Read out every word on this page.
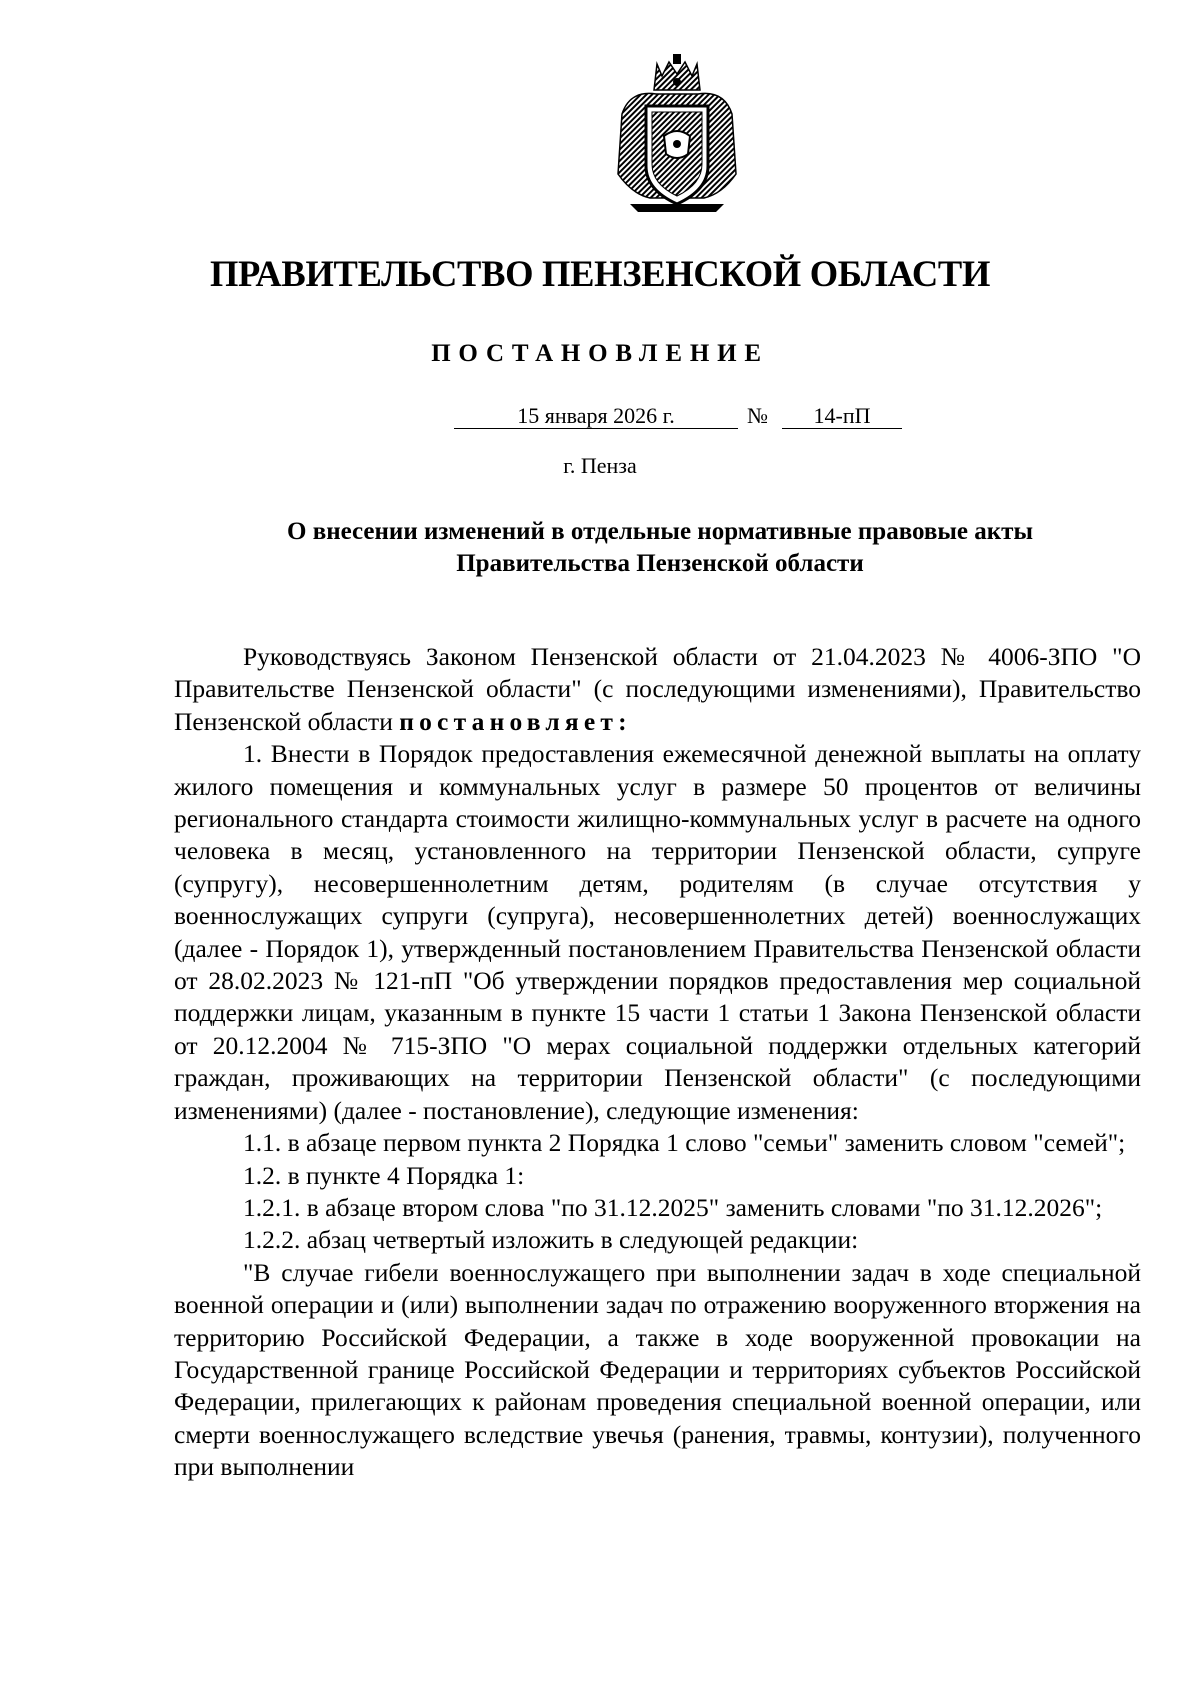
ПРАВИТЕЛЬСТВО ПЕНЗЕНСКОЙ ОБЛАСТИ
ПОСТАНОВЛЕНИЕ
15 января 2026 г.	№	14-пП
г. Пенза
О внесении изменений в отдельные нормативные правовые акты
Правительства Пензенской области

Руководствуясь Законом Пензенской области от 21.04.2023 № 4006-ЗПО "О Правительстве Пензенской области" (с последующими изменениями), Правительство Пензенской области постановляет:

1. Внести в Порядок предоставления ежемесячной денежной выплаты на оплату жилого помещения и коммунальных услуг в размере 50 процентов от величины регионального стандарта стоимости жилищно-коммунальных услуг в расчете на одного человека в месяц, установленного на территории Пензенской области, супруге (супругу), несовершеннолетним детям, родителям (в случае отсутствия у военнослужащих супруги (супруга), несовершеннолетних детей) военнослужащих (далее - Порядок 1), утвержденный постановлением Правительства Пензенской области от 28.02.2023 № 121-пП "Об утверждении порядков предоставления мер социальной поддержки лицам, указанным в пункте 15 части 1 статьи 1 Закона Пензенской области от 20.12.2004 № 715-ЗПО "О мерах социальной поддержки отдельных категорий граждан, проживающих на территории Пензенской области" (с последующими изменениями) (далее - постановление), следующие изменения:

1.1. в абзаце первом пункта 2 Порядка 1 слово "семьи" заменить словом "семей";

1.2. в пункте 4 Порядка 1:

1.2.1. в абзаце втором слова "по 31.12.2025" заменить словами "по 31.12.2026";

1.2.2. абзац четвертый изложить в следующей редакции:

"В случае гибели военнослужащего при выполнении задач в ходе специальной военной операции и (или) выполнении задач по отражению вооруженного вторжения на территорию Российской Федерации, а также в ходе вооруженной провокации на Государственной границе Российской Федерации и территориях субъектов Российской Федерации, прилегающих к районам проведения специальной военной операции, или смерти военнослужащего вследствие увечья (ранения, травмы, контузии), полученного при выполнении
